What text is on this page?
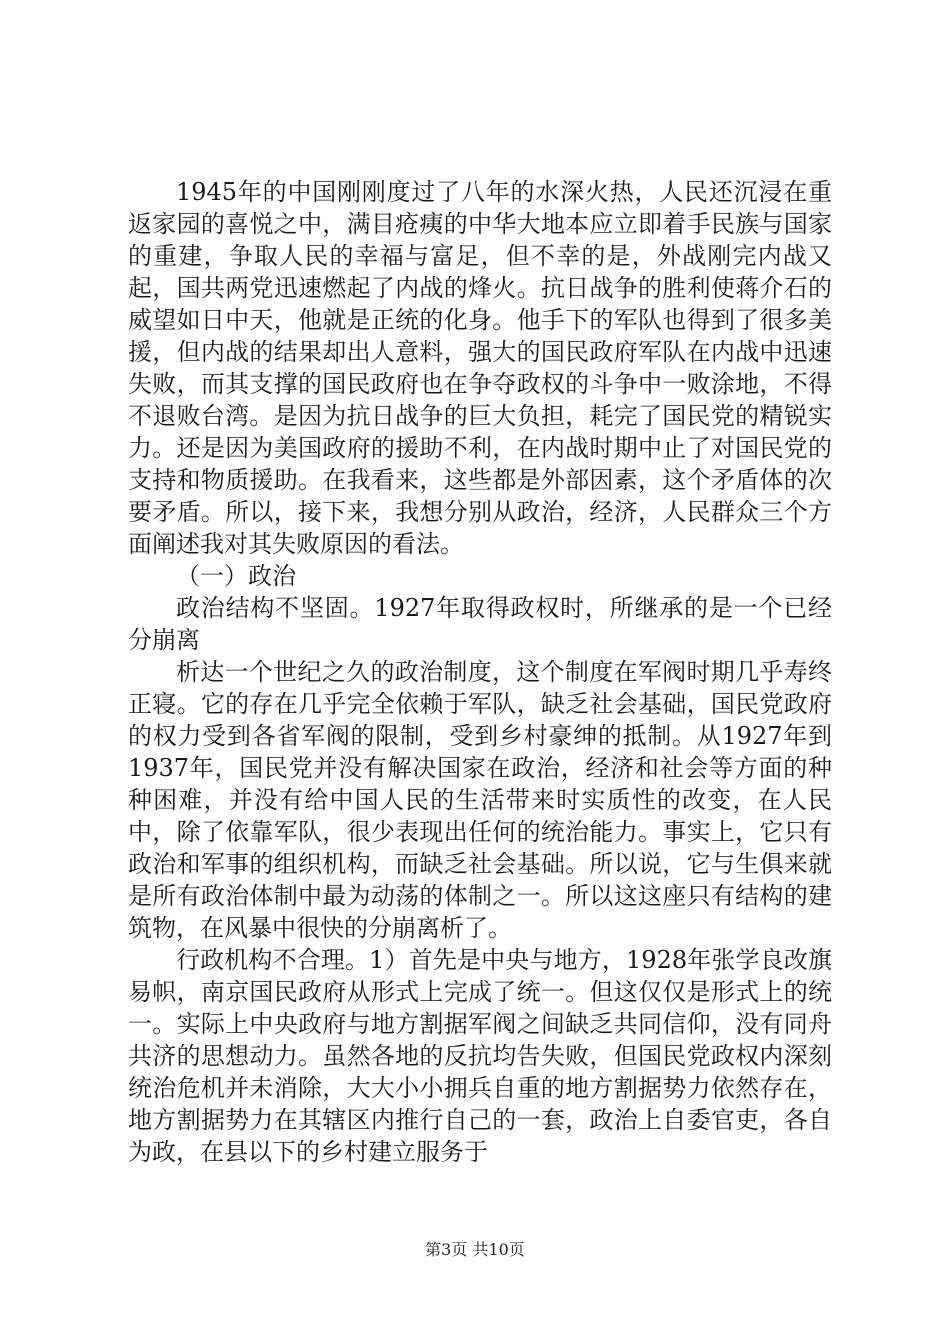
1945年的中国刚刚度过了八年的水深火热，人民还沉浸在重返家园的喜悦之中，满目疮痍的中华大地本应立即着手民族与国家的重建，争取人民的幸福与富足，但不幸的是，外战刚完内战又起，国共两党迅速燃起了内战的烽火。抗日战争的胜利使蒋介石的威望如日中天，他就是正统的化身。他手下的军队也得到了很多美援，但内战的结果却出人意料，强大的国民政府军队在内战中迅速失败，而其支撑的国民政府也在争夺政权的斗争中一败涂地，不得不退败台湾。是因为抗日战争的巨大负担，耗完了国民党的精锐实力。还是因为美国政府的援助不利，在内战时期中止了对国民党的支持和物质援助。在我看来，这些都是外部因素，这个矛盾体的次要矛盾。所以，接下来，我想分别从政治，经济，人民群众三个方面阐述我对其失败原因的看法。

（一）政治

政治结构不坚固。1927年取得政权时，所继承的是一个已经分崩离

析达一个世纪之久的政治制度，这个制度在军阀时期几乎寿终正寝。它的存在几乎完全依赖于军队，缺乏社会基础，国民党政府的权力受到各省军阀的限制，受到乡村豪绅的抵制。从1927年到1937年，国民党并没有解决国家在政治，经济和社会等方面的种种困难，并没有给中国人民的生活带来时实质性的改变，在人民中，除了依靠军队，很少表现出任何的统治能力。事实上，它只有政治和军事的组织机构，而缺乏社会基础。所以说，它与生俱来就是所有政治体制中最为动荡的体制之一。所以这这座只有结构的建筑物，在风暴中很快的分崩离析了。

行政机构不合理。1）首先是中央与地方，1928年张学良改旗易帜，南京国民政府从形式上完成了统一。但这仅仅是形式上的统一。实际上中央政府与地方割据军阀之间缺乏共同信仰，没有同舟共济的思想动力。虽然各地的反抗均告失败，但国民党政权内深刻统治危机并未消除，大大小小拥兵自重的地方割据势力依然存在，地方割据势力在其辖区内推行自己的一套，政治上自委官吏，各自为政，在县以下的乡村建立服务于

第3页 共10页
